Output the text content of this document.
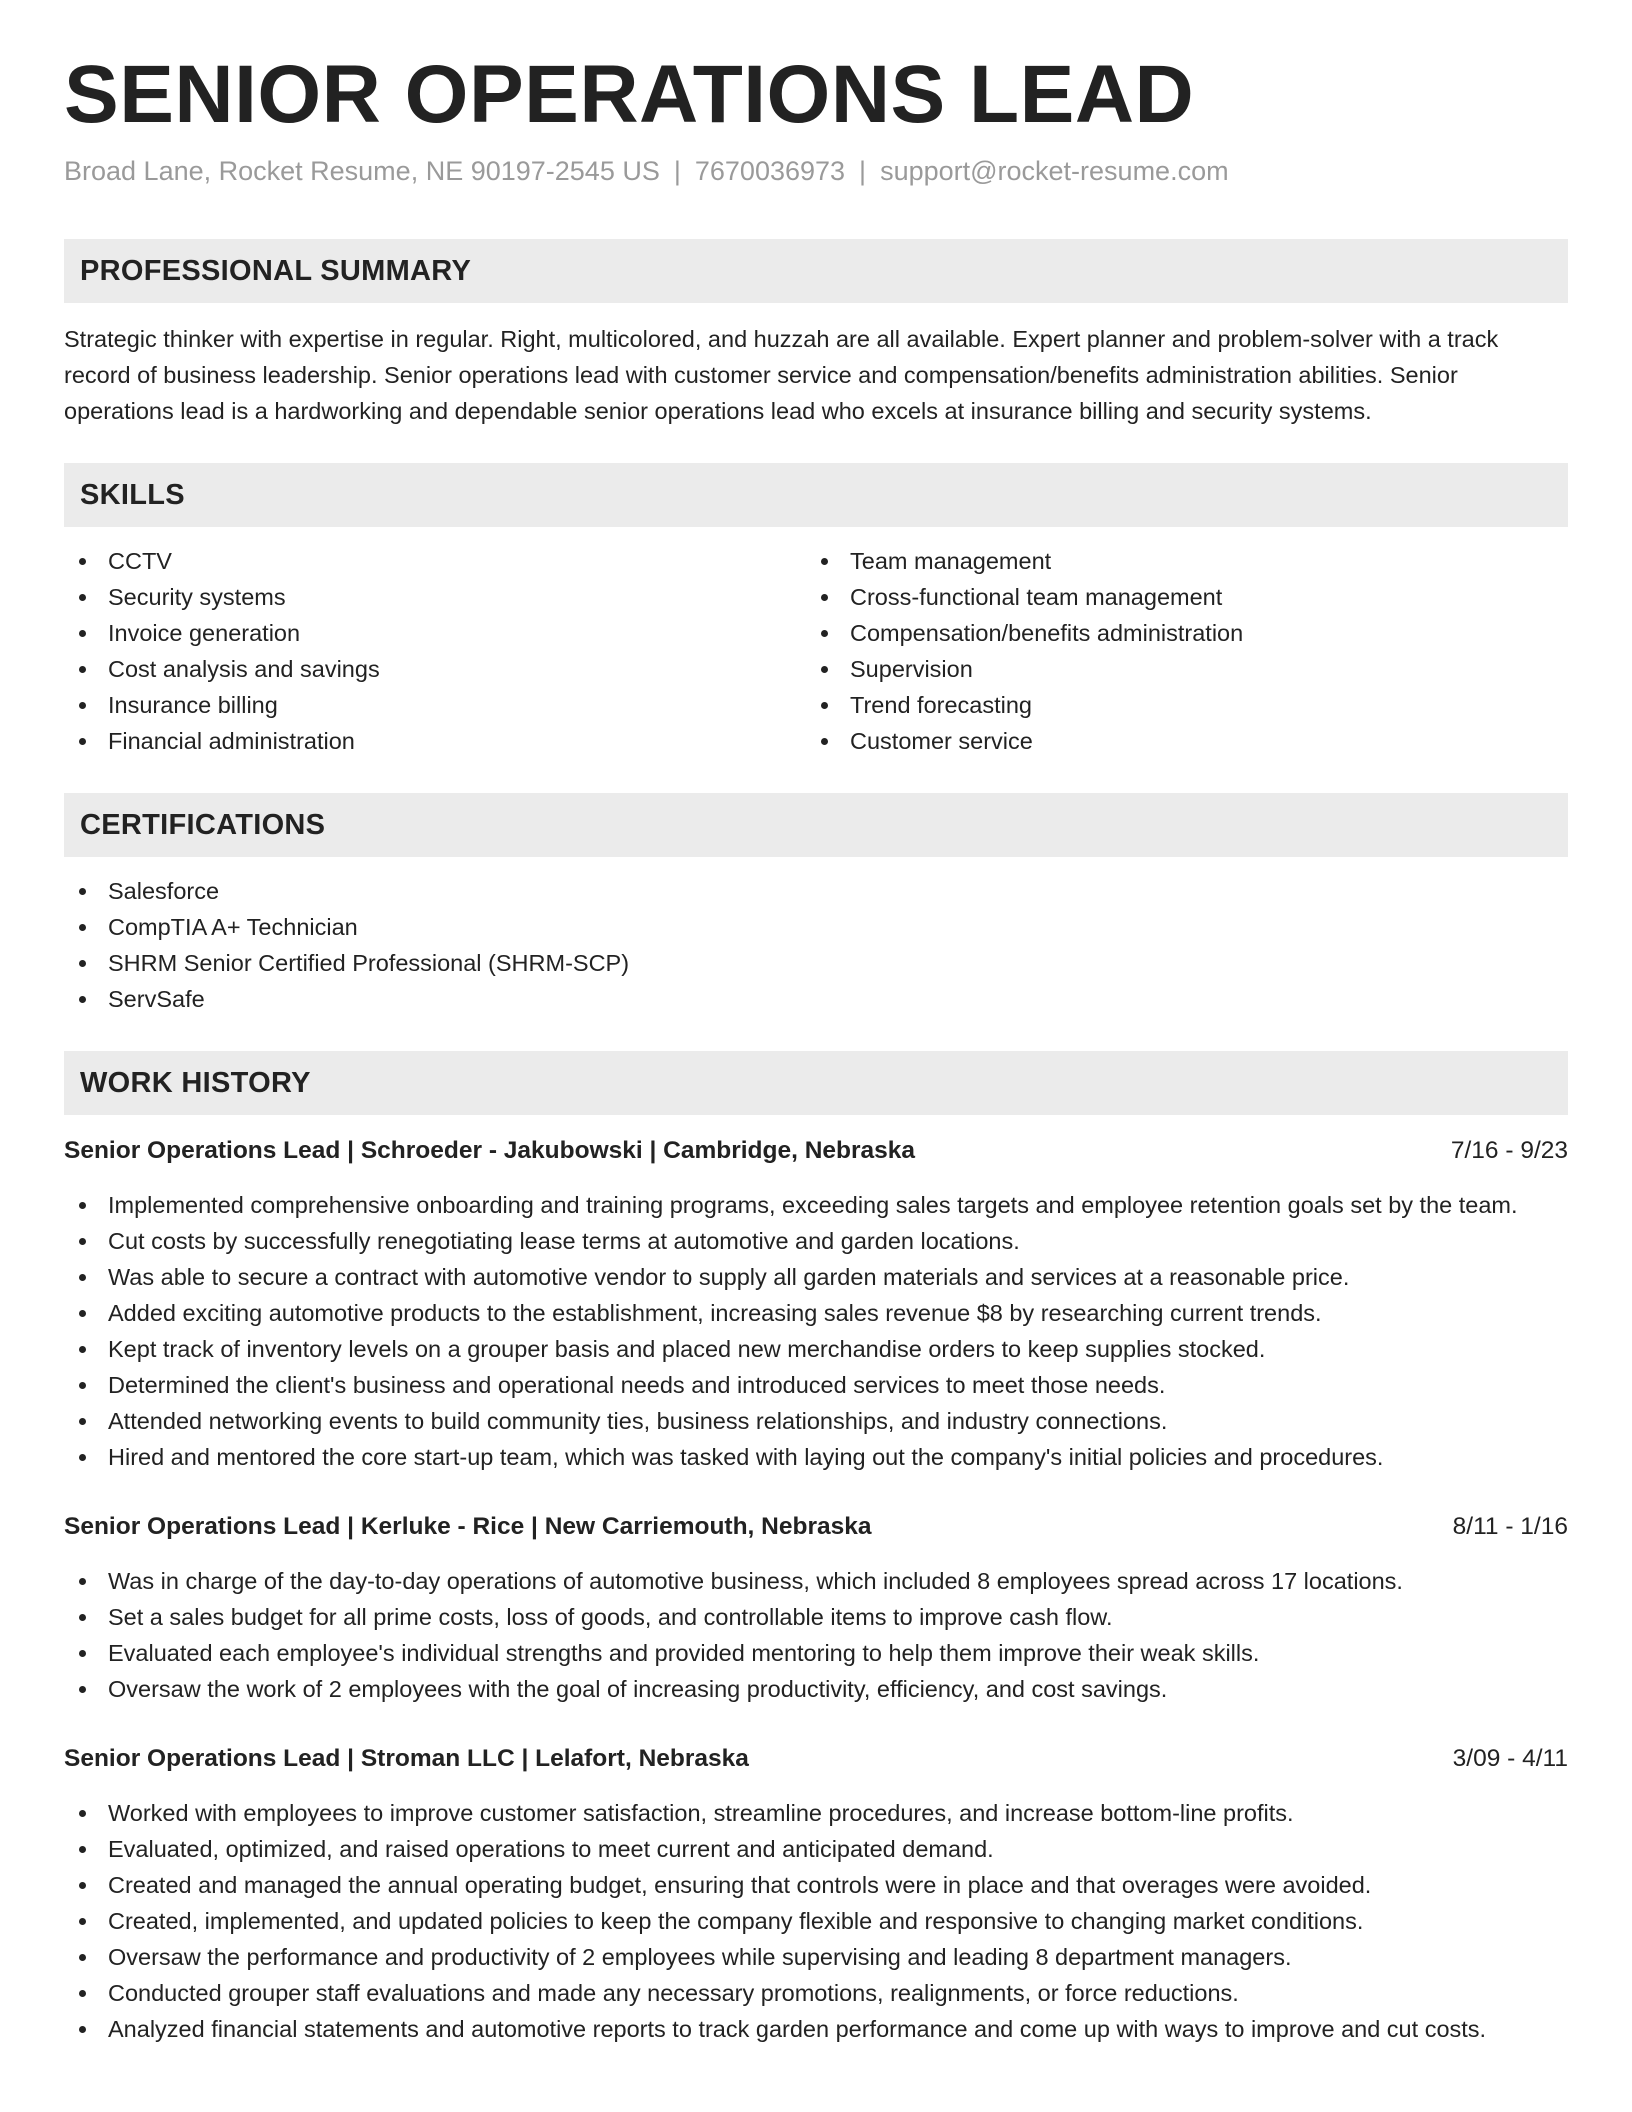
SENIOR OPERATIONS LEAD
Broad Lane, Rocket Resume, NE 90197-2545 US | 7670036973 | support@rocket-resume.com
PROFESSIONAL SUMMARY

Strategic thinker with expertise in regular. Right, multicolored, and huzzah are all available. Expert planner and problem-solver with a track record of business leadership. Senior operations lead with customer service and compensation/benefits administration abilities. Senior operations lead is a hardworking and dependable senior operations lead who excels at insurance billing and security systems.

SKILLS
CCTV
Security systems
Invoice generation
Cost analysis and savings
Insurance billing
Financial administration
Team management
Cross-functional team management
Compensation/benefits administration
Supervision
Trend forecasting
Customer service
CERTIFICATIONS
Salesforce
CompTIA A+ Technician
SHRM Senior Certified Professional (SHRM-SCP)
ServSafe
WORK HISTORY
Senior Operations Lead | Schroeder - Jakubowski | Cambridge, Nebraska	7/16 - 9/23
Implemented comprehensive onboarding and training programs, exceeding sales targets and employee retention goals set by the team.
Cut costs by successfully renegotiating lease terms at automotive and garden locations.
Was able to secure a contract with automotive vendor to supply all garden materials and services at a reasonable price.
Added exciting automotive products to the establishment, increasing sales revenue $8 by researching current trends.
Kept track of inventory levels on a grouper basis and placed new merchandise orders to keep supplies stocked.
Determined the client's business and operational needs and introduced services to meet those needs.
Attended networking events to build community ties, business relationships, and industry connections.
Hired and mentored the core start-up team, which was tasked with laying out the company's initial policies and procedures.
Senior Operations Lead | Kerluke - Rice | New Carriemouth, Nebraska	8/11 - 1/16
Was in charge of the day-to-day operations of automotive business, which included 8 employees spread across 17 locations.
Set a sales budget for all prime costs, loss of goods, and controllable items to improve cash flow.
Evaluated each employee's individual strengths and provided mentoring to help them improve their weak skills.
Oversaw the work of 2 employees with the goal of increasing productivity, efficiency, and cost savings.
Senior Operations Lead | Stroman LLC | Lelafort, Nebraska	3/09 - 4/11
Worked with employees to improve customer satisfaction, streamline procedures, and increase bottom-line profits.
Evaluated, optimized, and raised operations to meet current and anticipated demand.
Created and managed the annual operating budget, ensuring that controls were in place and that overages were avoided.
Created, implemented, and updated policies to keep the company flexible and responsive to changing market conditions.
Oversaw the performance and productivity of 2 employees while supervising and leading 8 department managers.
Conducted grouper staff evaluations and made any necessary promotions, realignments, or force reductions.
Analyzed financial statements and automotive reports to track garden performance and come up with ways to improve and cut costs.
